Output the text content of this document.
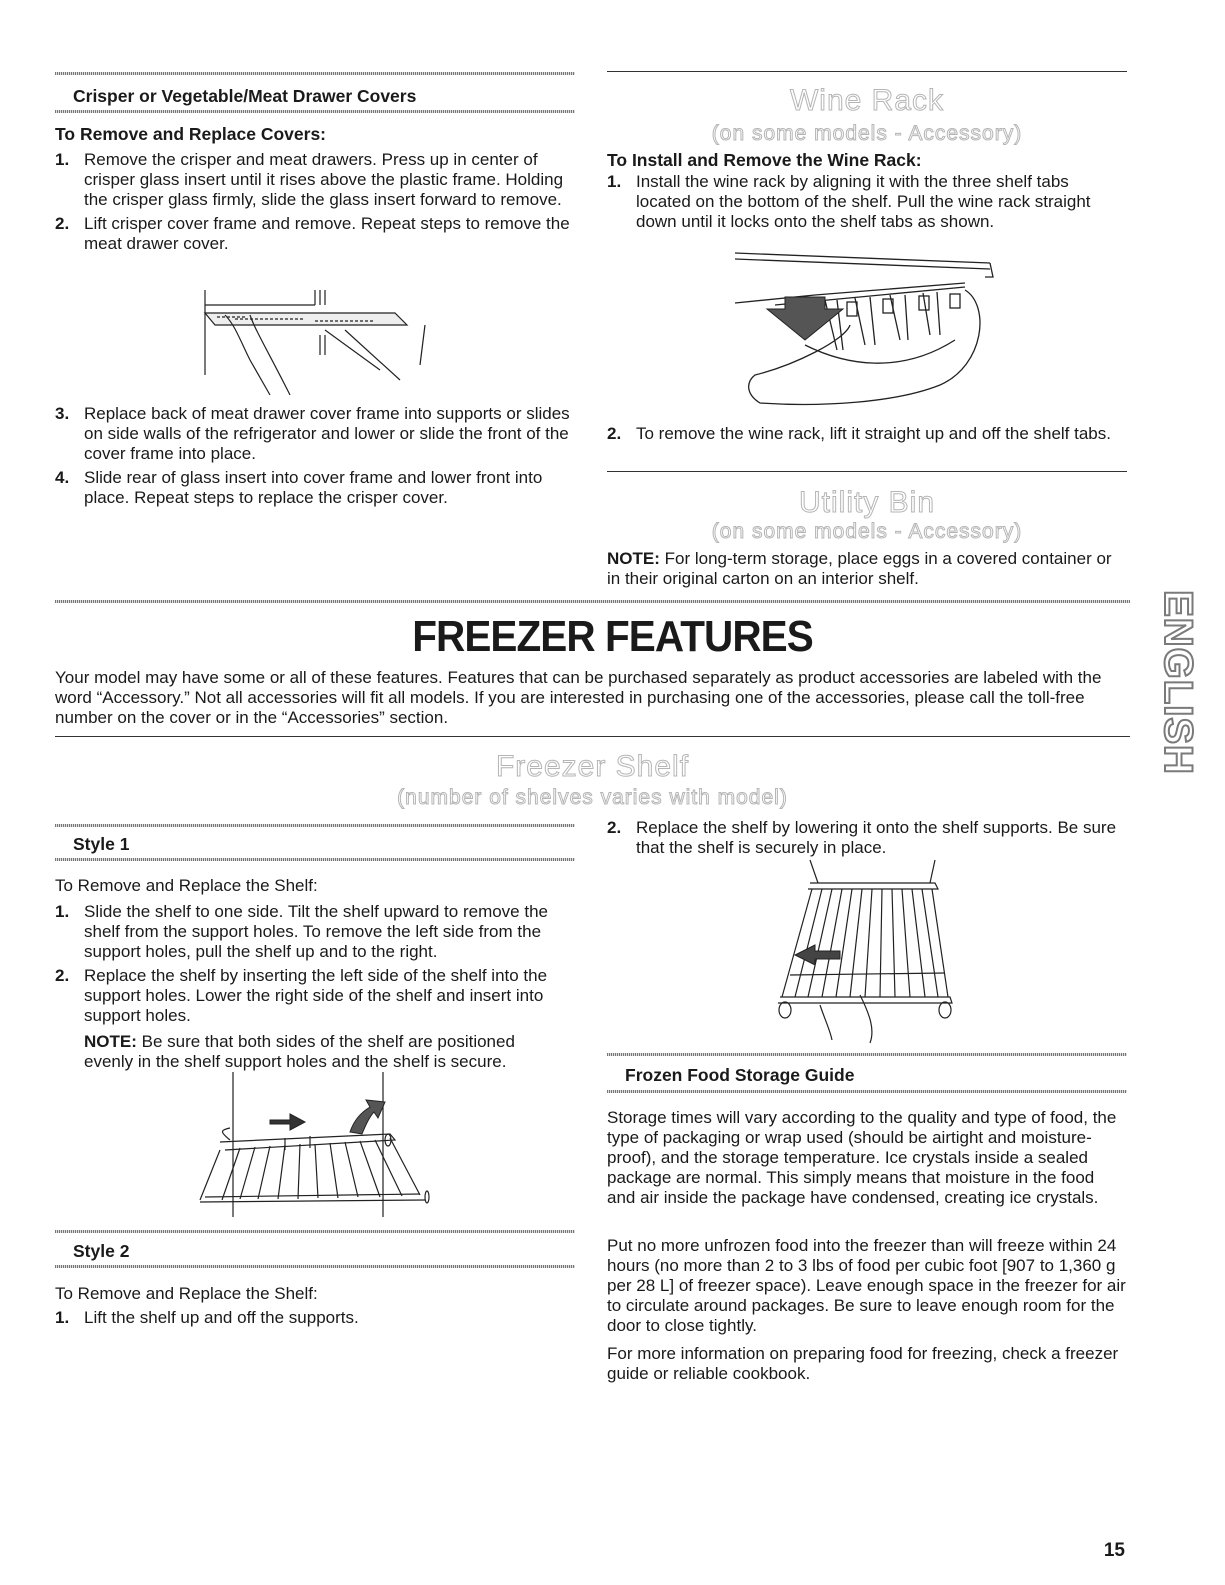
Crisper or Vegetable/Meat Drawer Covers
To Remove and Replace Covers:
1. Remove the crisper and meat drawers. Press up in center of crisper glass insert until it rises above the plastic frame. Holding the crisper glass firmly, slide the glass insert forward to remove.
2. Lift crisper cover frame and remove. Repeat steps to remove the meat drawer cover.
3. Replace back of meat drawer cover frame into supports or slides on side walls of the refrigerator and lower or slide the front of the cover frame into place.
4. Slide rear of glass insert into cover frame and lower front into place. Repeat steps to replace the crisper cover.
Wine Rack
(on some models - Accessory)
To Install and Remove the Wine Rack:
1. Install the wine rack by aligning it with the three shelf tabs located on the bottom of the shelf. Pull the wine rack straight down until it locks onto the shelf tabs as shown.
2. To remove the wine rack, lift it straight up and off the shelf tabs.
Utility Bin
(on some models - Accessory)

NOTE: For long-term storage, place eggs in a covered container or in their original carton on an interior shelf.

ENGLISH
FREEZER FEATURES

Your model may have some or all of these features. Features that can be purchased separately as product accessories are labeled with the word “Accessory.” Not all accessories will fit all models. If you are interested in purchasing one of the accessories, please call the toll-free number on the cover or in the “Accessories” section.

Freezer Shelf
(number of shelves varies with model)
Style 1

To Remove and Replace the Shelf:

1. Slide the shelf to one side. Tilt the shelf upward to remove the shelf from the support holes. To remove the left side from the support holes, pull the shelf up and to the right.
2. Replace the shelf by inserting the left side of the shelf into the support holes. Lower the right side of the shelf and insert into support holes.

NOTE: Be sure that both sides of the shelf are positioned evenly in the shelf support holes and the shelf is secure.

Style 2

To Remove and Replace the Shelf:

1. Lift the shelf up and off the supports.
2. Replace the shelf by lowering it onto the shelf supports. Be sure that the shelf is securely in place.
Frozen Food Storage Guide

Storage times will vary according to the quality and type of food, the type of packaging or wrap used (should be airtight and moisture-proof), and the storage temperature. Ice crystals inside a sealed package are normal. This simply means that moisture in the food and air inside the package have condensed, creating ice crystals.

Put no more unfrozen food into the freezer than will freeze within 24 hours (no more than 2 to 3 lbs of food per cubic foot [907 to 1,360 g per 28 L] of freezer space). Leave enough space in the freezer for air to circulate around packages. Be sure to leave enough room for the door to close tightly.

For more information on preparing food for freezing, check a freezer guide or reliable cookbook.

15
